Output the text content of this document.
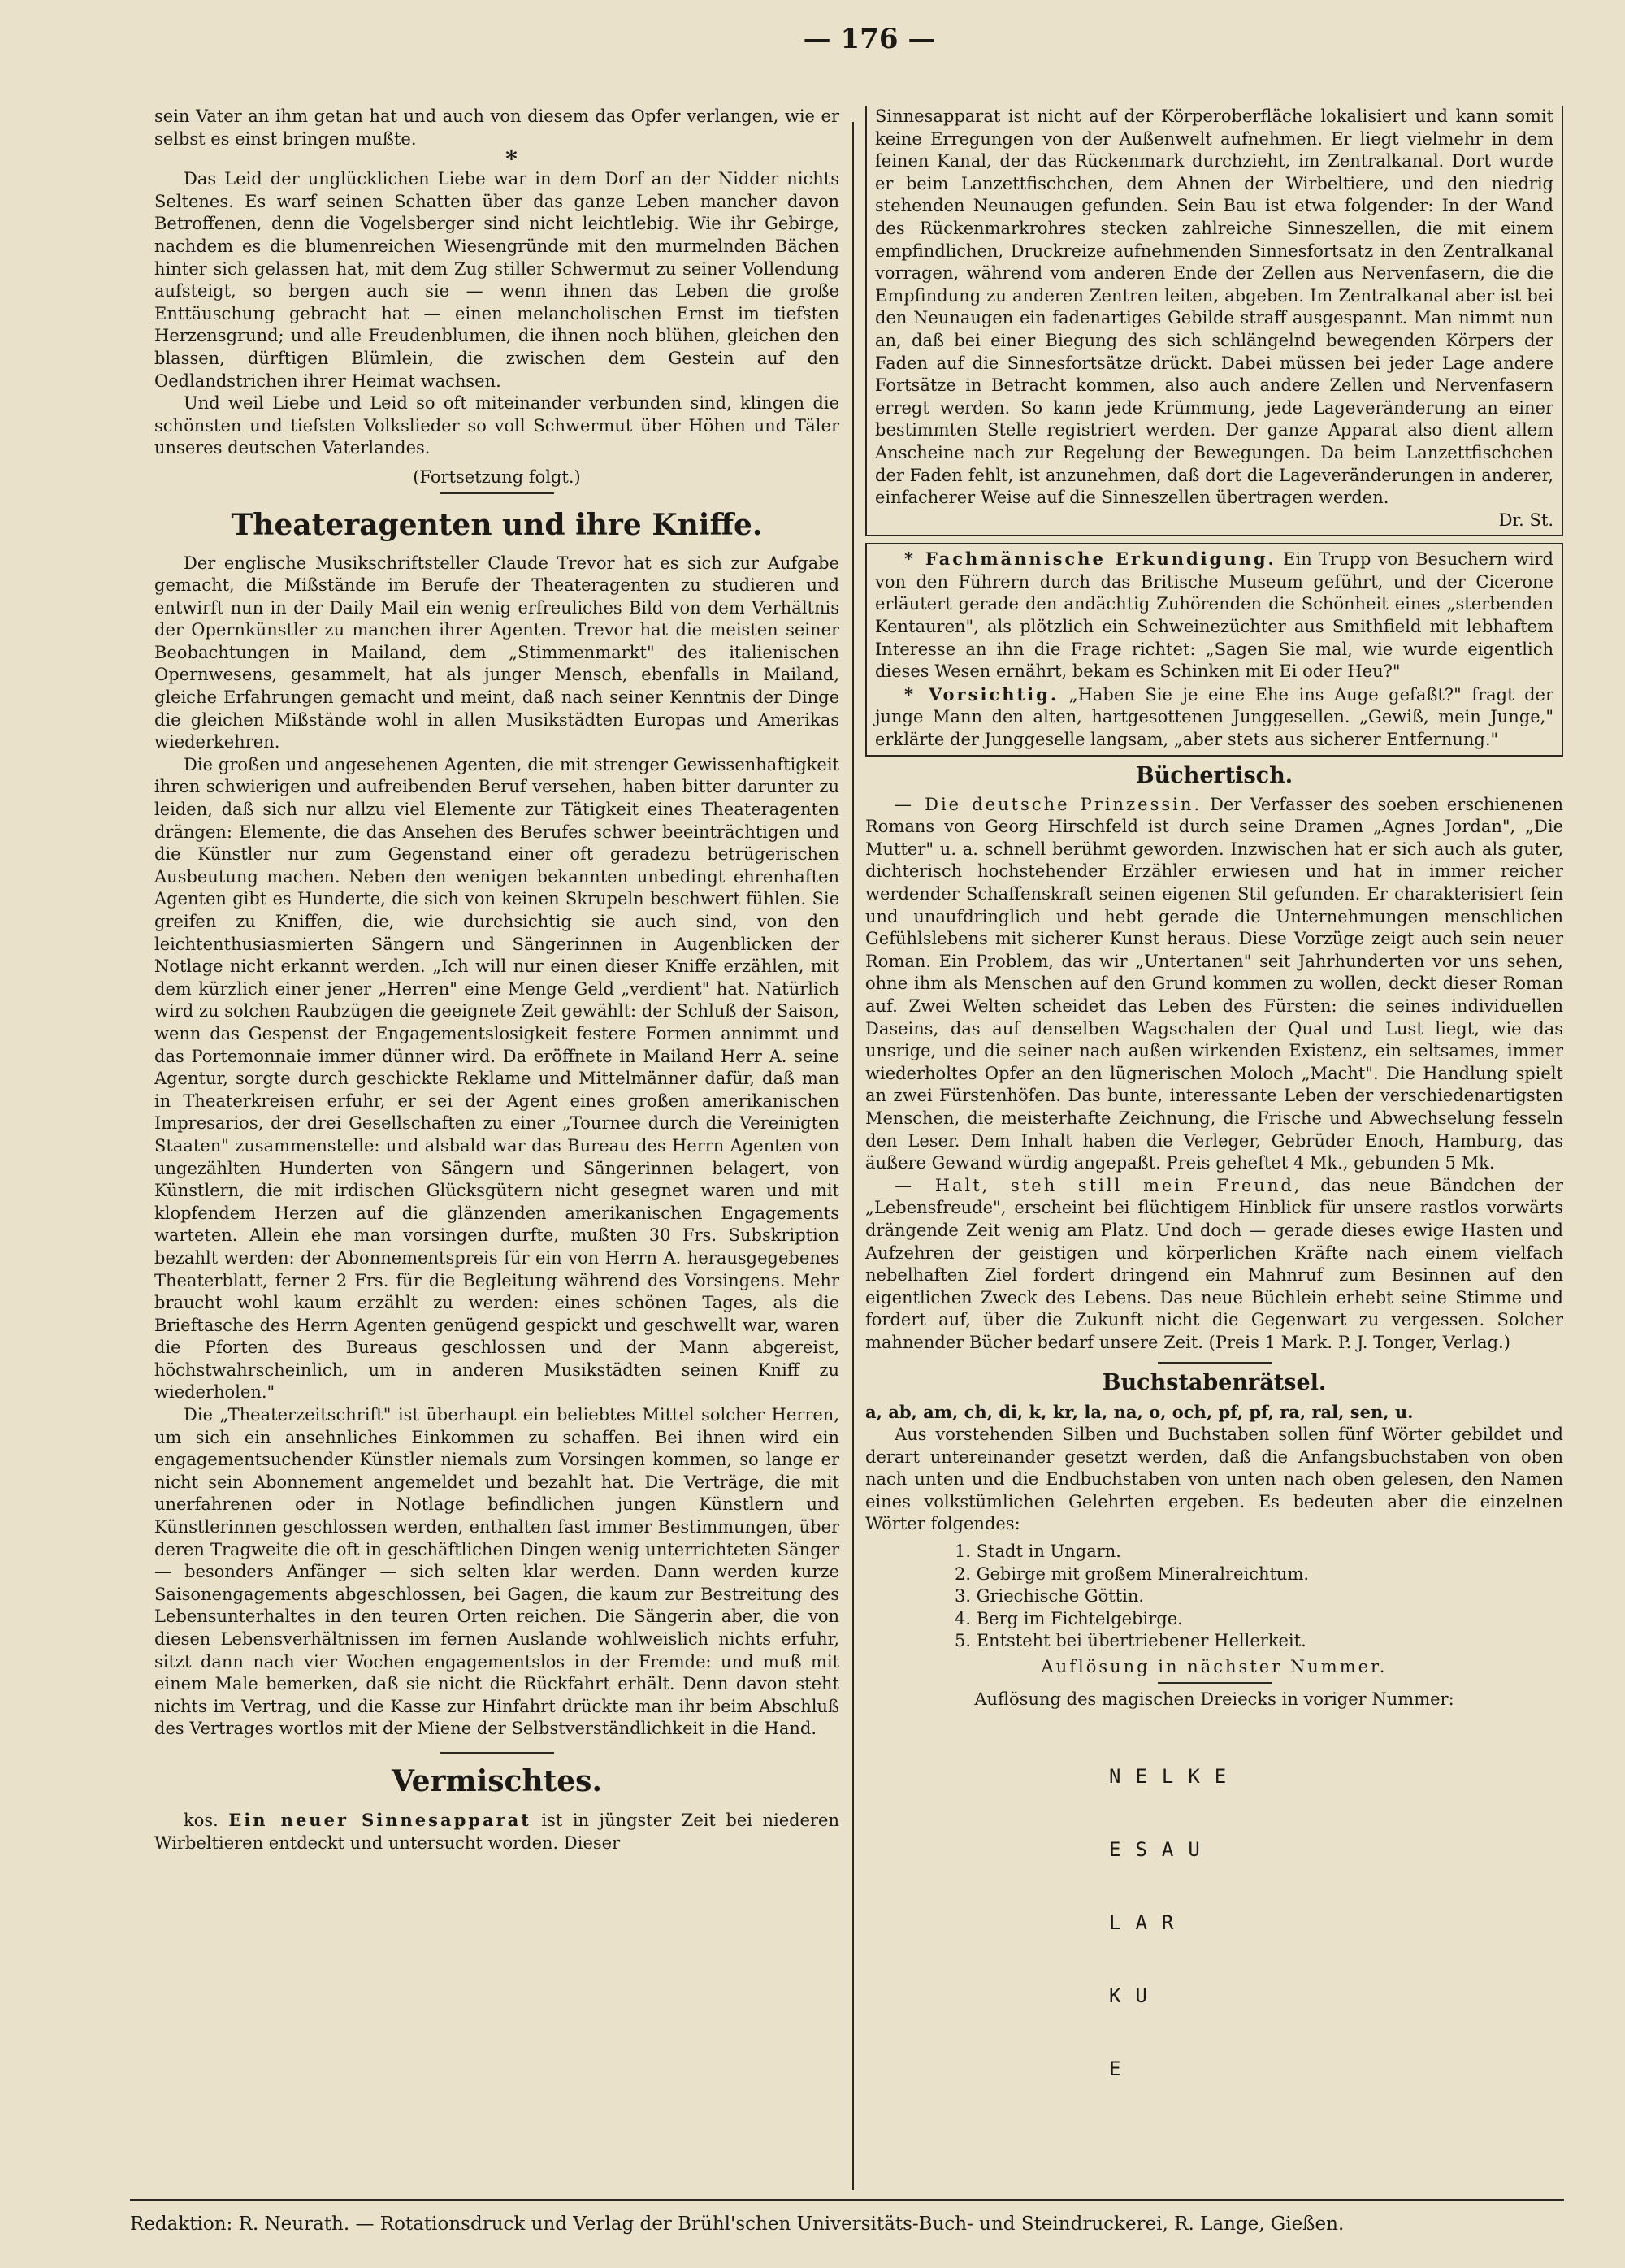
— 176 —

sein Vater an ihm getan hat und auch von diesem das Opfer verlangen, wie er selbst es einst bringen mußte.

*

Das Leid der unglücklichen Liebe war in dem Dorf an der Nidder nichts Seltenes. Es warf seinen Schatten über das ganze Leben mancher davon Betroffenen, denn die Vogelsberger sind nicht leichtlebig. Wie ihr Gebirge, nachdem es die blumenreichen Wiesengründe mit den murmelnden Bächen hinter sich gelassen hat, mit dem Zug stiller Schwermut zu seiner Vollendung aufsteigt, so bergen auch sie — wenn ihnen das Leben die große Enttäuschung gebracht hat — einen melancholischen Ernst im tiefsten Herzensgrund; und alle Freudenblumen, die ihnen noch blühen, gleichen den blassen, dürftigen Blümlein, die zwischen dem Gestein auf den Oedlandstrichen ihrer Heimat wachsen.

Und weil Liebe und Leid so oft miteinander verbunden sind, klingen die schönsten und tiefsten Volkslieder so voll Schwermut über Höhen und Täler unseres deutschen Vaterlandes.

(Fortsetzung folgt.)

Theateragenten und ihre Kniffe.

Der englische Musikschriftsteller Claude Trevor hat es sich zur Aufgabe gemacht, die Mißstände im Berufe der Theateragenten zu studieren und entwirft nun in der Daily Mail ein wenig erfreuliches Bild von dem Verhältnis der Opernkünstler zu manchen ihrer Agenten. Trevor hat die meisten seiner Beobachtungen in Mailand, dem „Stimmenmarkt" des italienischen Opernwesens, gesammelt, hat als junger Mensch, ebenfalls in Mailand, gleiche Erfahrungen gemacht und meint, daß nach seiner Kenntnis der Dinge die gleichen Mißstände wohl in allen Musikstädten Europas und Amerikas wiederkehren.

Die großen und angesehenen Agenten, die mit strenger Gewissenhaftigkeit ihren schwierigen und aufreibenden Beruf versehen, haben bitter darunter zu leiden, daß sich nur allzu viel Elemente zur Tätigkeit eines Theateragenten drängen: Elemente, die das Ansehen des Berufes schwer beeinträchtigen und die Künstler nur zum Gegenstand einer oft geradezu betrügerischen Ausbeutung machen. Neben den wenigen bekannten unbedingt ehrenhaften Agenten gibt es Hunderte, die sich von keinen Skrupeln beschwert fühlen. Sie greifen zu Kniffen, die, wie durchsichtig sie auch sind, von den leichtenthusiasmierten Sängern und Sängerinnen in Augenblicken der Notlage nicht erkannt werden. „Ich will nur einen dieser Kniffe erzählen, mit dem kürzlich einer jener „Herren" eine Menge Geld „verdient" hat. Natürlich wird zu solchen Raubzügen die geeignete Zeit gewählt: der Schluß der Saison, wenn das Gespenst der Engagementslosigkeit festere Formen annimmt und das Portemonnaie immer dünner wird. Da eröffnete in Mailand Herr A. seine Agentur, sorgte durch geschickte Reklame und Mittelmänner dafür, daß man in Theaterkreisen erfuhr, er sei der Agent eines großen amerikanischen Impresarios, der drei Gesellschaften zu einer „Tournee durch die Vereinigten Staaten" zusammenstelle: und alsbald war das Bureau des Herrn Agenten von ungezählten Hunderten von Sängern und Sängerinnen belagert, von Künstlern, die mit irdischen Glücksgütern nicht gesegnet waren und mit klopfendem Herzen auf die glänzenden amerikanischen Engagements warteten. Allein ehe man vorsingen durfte, mußten 30 Frs. Subskription bezahlt werden: der Abonnementspreis für ein von Herrn A. herausgegebenes Theaterblatt, ferner 2 Frs. für die Begleitung während des Vorsingens. Mehr braucht wohl kaum erzählt zu werden: eines schönen Tages, als die Brieftasche des Herrn Agenten genügend gespickt und geschwellt war, waren die Pforten des Bureaus geschlossen und der Mann abgereist, höchstwahrscheinlich, um in anderen Musikstädten seinen Kniff zu wiederholen."

Die „Theaterzeitschrift" ist überhaupt ein beliebtes Mittel solcher Herren, um sich ein ansehnliches Einkommen zu schaffen. Bei ihnen wird ein engagementsuchender Künstler niemals zum Vorsingen kommen, so lange er nicht sein Abonnement angemeldet und bezahlt hat. Die Verträge, die mit unerfahrenen oder in Notlage befindlichen jungen Künstlern und Künstlerinnen geschlossen werden, enthalten fast immer Bestimmungen, über deren Tragweite die oft in geschäftlichen Dingen wenig unterrichteten Sänger — besonders Anfänger — sich selten klar werden. Dann werden kurze Saisonengagements abgeschlossen, bei Gagen, die kaum zur Bestreitung des Lebensunterhaltes in den teuren Orten reichen. Die Sängerin aber, die von diesen Lebensverhältnissen im fernen Auslande wohlweislich nichts erfuhr, sitzt dann nach vier Wochen engagementslos in der Fremde: und muß mit einem Male bemerken, daß sie nicht die Rückfahrt erhält. Denn davon steht nichts im Vertrag, und die Kasse zur Hinfahrt drückte man ihr beim Abschluß des Vertrages wortlos mit der Miene der Selbstverständlichkeit in die Hand.

Vermischtes.

kos. Ein neuer Sinnesapparat ist in jüngster Zeit bei niederen Wirbeltieren entdeckt und untersucht worden. Dieser

Sinnesapparat ist nicht auf der Körperoberfläche lokalisiert und kann somit keine Erregungen von der Außenwelt aufnehmen. Er liegt vielmehr in dem feinen Kanal, der das Rückenmark durchzieht, im Zentralkanal. Dort wurde er beim Lanzettfischchen, dem Ahnen der Wirbeltiere, und den niedrig stehenden Neunaugen gefunden. Sein Bau ist etwa folgender: In der Wand des Rückenmarkrohres stecken zahlreiche Sinneszellen, die mit einem empfindlichen, Druckreize aufnehmenden Sinnesfortsatz in den Zentralkanal vorragen, während vom anderen Ende der Zellen aus Nervenfasern, die die Empfindung zu anderen Zentren leiten, abgeben. Im Zentralkanal aber ist bei den Neunaugen ein fadenartiges Gebilde straff ausgespannt. Man nimmt nun an, daß bei einer Biegung des sich schlängelnd bewegenden Körpers der Faden auf die Sinnesfortsätze drückt. Dabei müssen bei jeder Lage andere Fortsätze in Betracht kommen, also auch andere Zellen und Nervenfasern erregt werden. So kann jede Krümmung, jede Lageveränderung an einer bestimmten Stelle registriert werden. Der ganze Apparat also dient allem Anscheine nach zur Regelung der Bewegungen. Da beim Lanzettfischchen der Faden fehlt, ist anzunehmen, daß dort die Lageveränderungen in anderer, einfacherer Weise auf die Sinneszellen übertragen werden.

Dr. St.

* Fachmännische Erkundigung. Ein Trupp von Besuchern wird von den Führern durch das Britische Museum geführt, und der Cicerone erläutert gerade den andächtig Zuhörenden die Schönheit eines „sterbenden Kentauren", als plötzlich ein Schweinezüchter aus Smithfield mit lebhaftem Interesse an ihn die Frage richtet: „Sagen Sie mal, wie wurde eigentlich dieses Wesen ernährt, bekam es Schinken mit Ei oder Heu?"

* Vorsichtig. „Haben Sie je eine Ehe ins Auge gefaßt?" fragt der junge Mann den alten, hartgesottenen Junggesellen. „Gewiß, mein Junge," erklärte der Junggeselle langsam, „aber stets aus sicherer Entfernung."

Büchertisch.

— Die deutsche Prinzessin. Der Verfasser des soeben erschienenen Romans von Georg Hirschfeld ist durch seine Dramen „Agnes Jordan", „Die Mutter" u. a. schnell berühmt geworden. Inzwischen hat er sich auch als guter, dichterisch hochstehender Erzähler erwiesen und hat in immer reicher werdender Schaffenskraft seinen eigenen Stil gefunden. Er charakterisiert fein und unaufdringlich und hebt gerade die Unternehmungen menschlichen Gefühlslebens mit sicherer Kunst heraus. Diese Vorzüge zeigt auch sein neuer Roman. Ein Problem, das wir „Untertanen" seit Jahrhunderten vor uns sehen, ohne ihm als Menschen auf den Grund kommen zu wollen, deckt dieser Roman auf. Zwei Welten scheidet das Leben des Fürsten: die seines individuellen Daseins, das auf denselben Wagschalen der Qual und Lust liegt, wie das unsrige, und die seiner nach außen wirkenden Existenz, ein seltsames, immer wiederholtes Opfer an den lügnerischen Moloch „Macht". Die Handlung spielt an zwei Fürstenhöfen. Das bunte, interessante Leben der verschiedenartigsten Menschen, die meisterhafte Zeichnung, die Frische und Abwechselung fesseln den Leser. Dem Inhalt haben die Verleger, Gebrüder Enoch, Hamburg, das äußere Gewand würdig angepaßt. Preis geheftet 4 Mk., gebunden 5 Mk.

— Halt, steh still mein Freund, das neue Bändchen der „Lebensfreude", erscheint bei flüchtigem Hinblick für unsere rastlos vorwärts drängende Zeit wenig am Platz. Und doch — gerade dieses ewige Hasten und Aufzehren der geistigen und körperlichen Kräfte nach einem vielfach nebelhaften Ziel fordert dringend ein Mahnruf zum Besinnen auf den eigentlichen Zweck des Lebens. Das neue Büchlein erhebt seine Stimme und fordert auf, über die Zukunft nicht die Gegenwart zu vergessen. Solcher mahnender Bücher bedarf unsere Zeit. (Preis 1 Mark. P. J. Tonger, Verlag.)

Buchstabenrätsel.

a, ab, am, ch, di, k, kr, la, na, o, och, pf, pf, ra, ral, sen, u.

Aus vorstehenden Silben und Buchstaben sollen fünf Wörter gebildet und derart untereinander gesetzt werden, daß die Anfangsbuchstaben von oben nach unten und die Endbuchstaben von unten nach oben gelesen, den Namen eines volkstümlichen Gelehrten ergeben. Es bedeuten aber die einzelnen Wörter folgendes:

1. Stadt in Ungarn.
2. Gebirge mit großem Mineralreichtum.
3. Griechische Göttin.
4. Berg im Fichtelgebirge.
5. Entsteht bei übertriebener Hellerkeit.

Auflösung in nächster Nummer.

Auflösung des magischen Dreiecks in voriger Nummer:

NELKE

ESAU

LAR

KU

E

Redaktion: R. Neurath. — Rotationsdruck und Verlag der Brühl'schen Universitäts-Buch- und Steindruckerei, R. Lange, Gießen.
